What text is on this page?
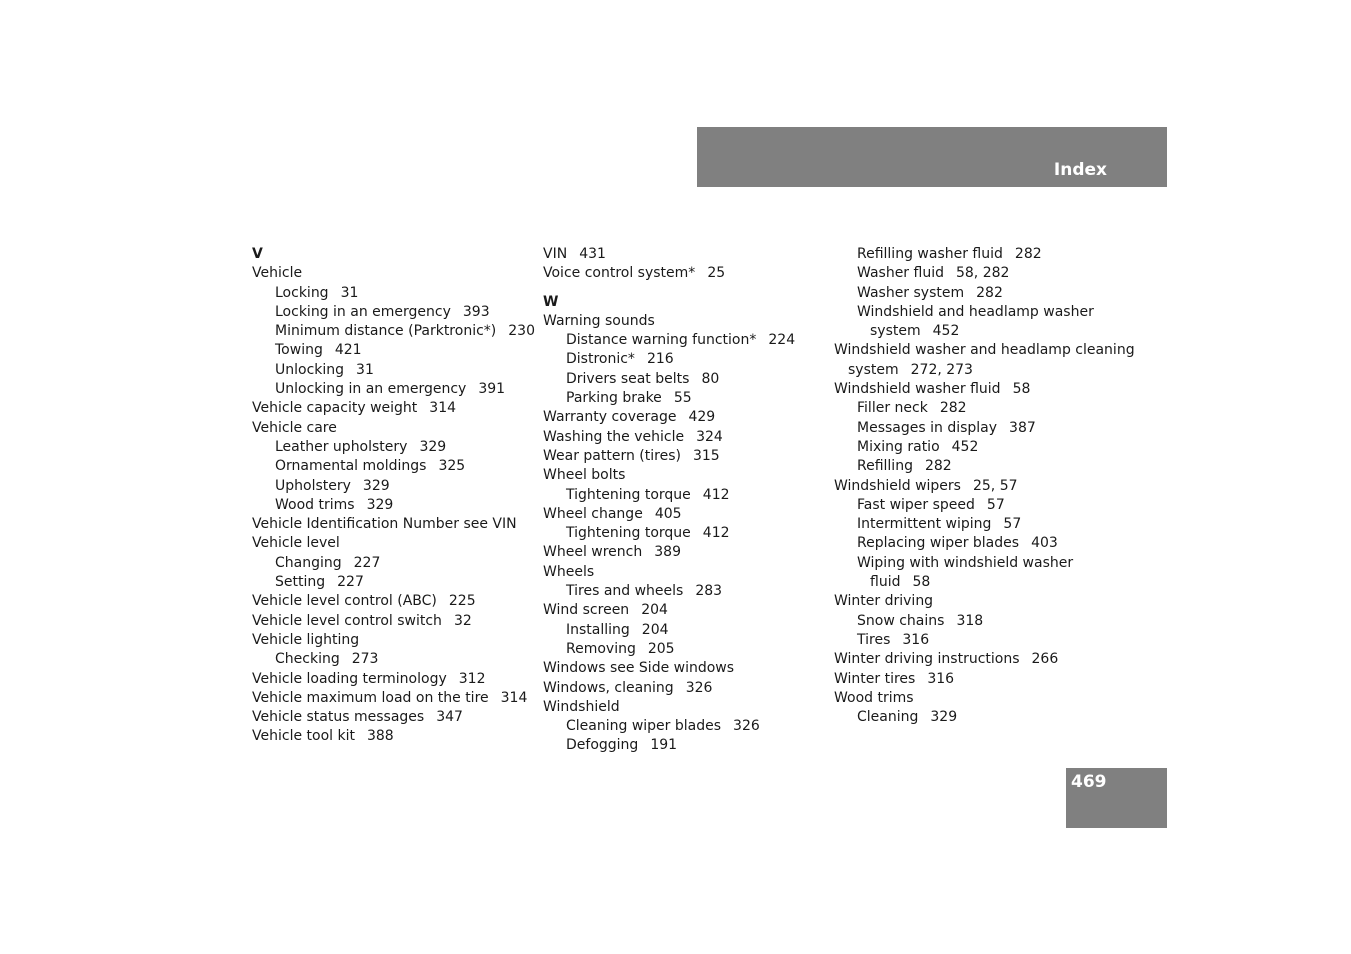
Index
V
Vehicle
Locking 31
Locking in an emergency 393
Minimum distance (Parktronic*) 230
Towing 421
Unlocking 31
Unlocking in an emergency 391
Vehicle capacity weight 314
Vehicle care
Leather upholstery 329
Ornamental moldings 325
Upholstery 329
Wood trims 329
Vehicle Identification Number see VIN
Vehicle level
Changing 227
Setting 227
Vehicle level control (ABC) 225
Vehicle level control switch 32
Vehicle lighting
Checking 273
Vehicle loading terminology 312
Vehicle maximum load on the tire 314
Vehicle status messages 347
Vehicle tool kit 388
VIN 431
Voice control system* 25
W
Warning sounds
Distance warning function* 224
Distronic* 216
Drivers seat belts 80
Parking brake 55
Warranty coverage 429
Washing the vehicle 324
Wear pattern (tires) 315
Wheel bolts
Tightening torque 412
Wheel change 405
Tightening torque 412
Wheel wrench 389
Wheels
Tires and wheels 283
Wind screen 204
Installing 204
Removing 205
Windows see Side windows
Windows, cleaning 326
Windshield
Cleaning wiper blades 326
Defogging 191
Refilling washer fluid 282
Washer fluid 58, 282
Washer system 282
Windshield and headlamp washer
system 452
Windshield washer and headlamp cleaning
system 272, 273
Windshield washer fluid 58
Filler neck 282
Messages in display 387
Mixing ratio 452
Refilling 282
Windshield wipers 25, 57
Fast wiper speed 57
Intermittent wiping 57
Replacing wiper blades 403
Wiping with windshield washer
fluid 58
Winter driving
Snow chains 318
Tires 316
Winter driving instructions 266
Winter tires 316
Wood trims
Cleaning 329
469
